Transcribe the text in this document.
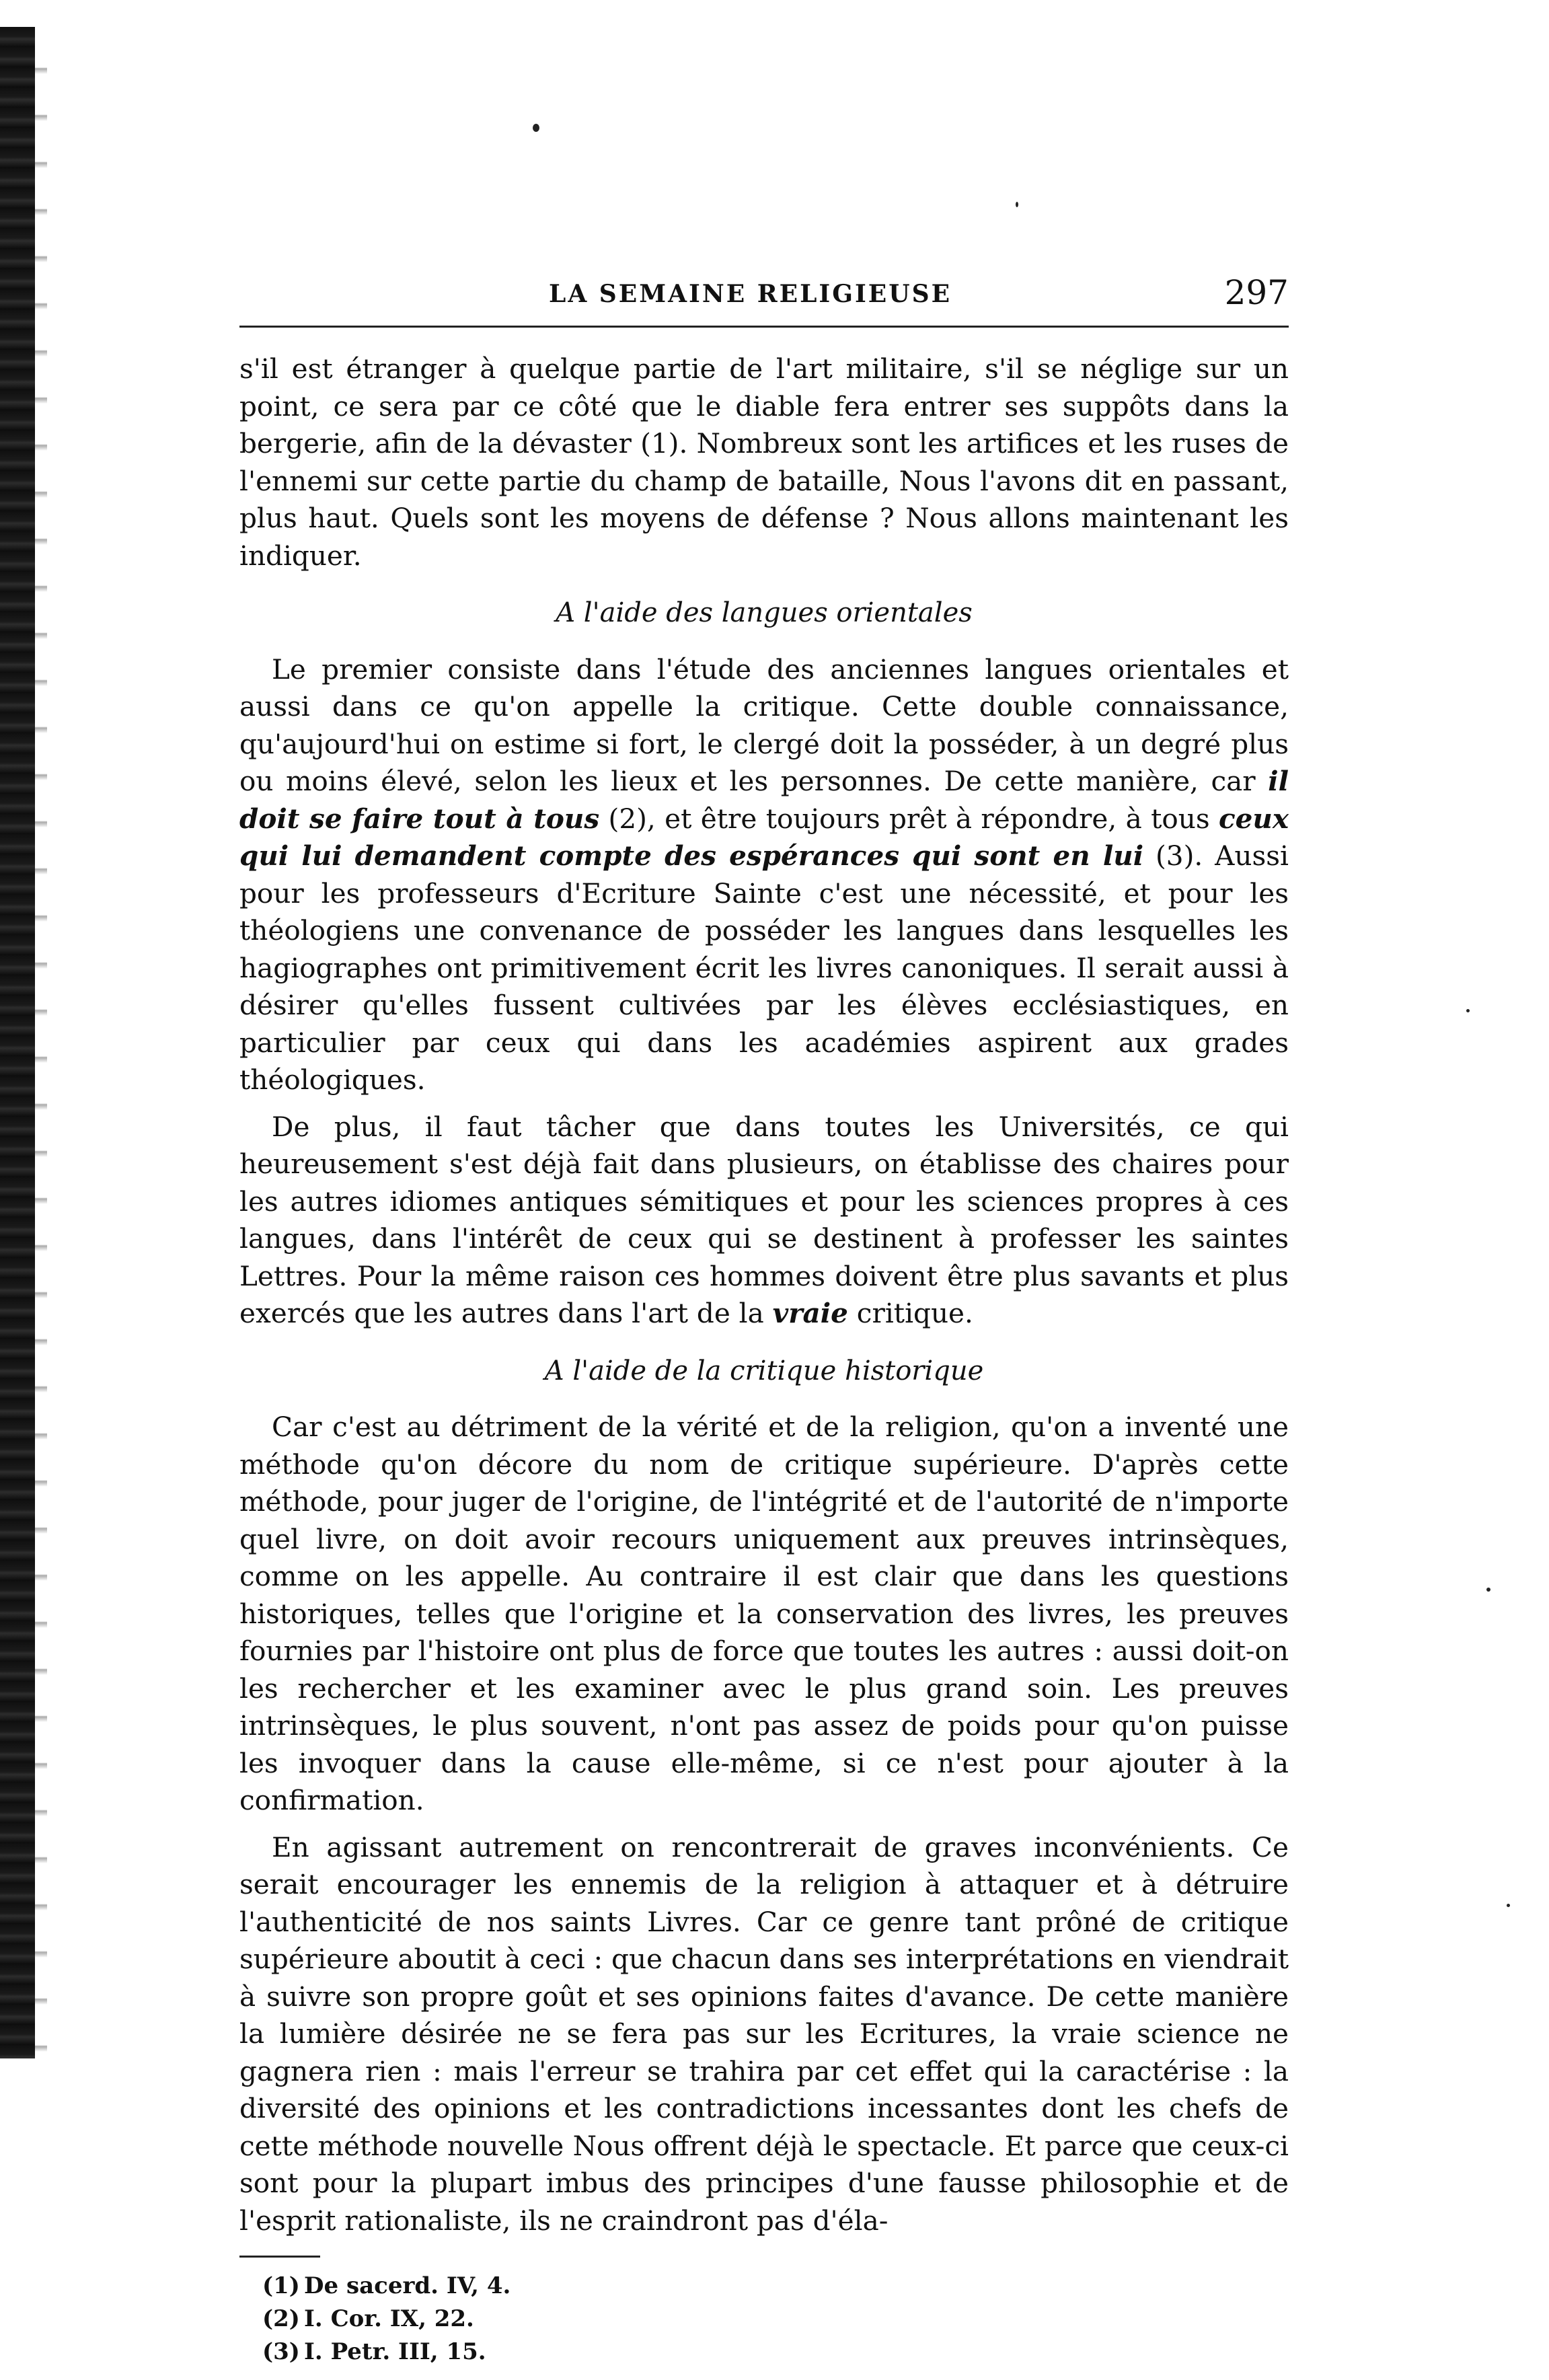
LA SEMAINE RELIGIEUSE	297

s'il est étranger à quelque partie de l'art militaire, s'il se néglige sur un point, ce sera par ce côté que le diable fera entrer ses suppôts dans la bergerie, afin de la dévaster (1). Nombreux sont les artifices et les ruses de l'ennemi sur cette partie du champ de bataille, Nous l'avons dit en passant, plus haut. Quels sont les moyens de défense ? Nous allons maintenant les indiquer.

A l'aide des langues orientales

Le premier consiste dans l'étude des anciennes langues orientales et aussi dans ce qu'on appelle la critique. Cette double connaissance, qu'aujourd'hui on estime si fort, le clergé doit la posséder, à un degré plus ou moins élevé, selon les lieux et les personnes. De cette manière, car il doit se faire tout à tous (2), et être toujours prêt à répondre, à tous ceux qui lui demandent compte des espérances qui sont en lui (3). Aussi pour les professeurs d'Ecriture Sainte c'est une nécessité, et pour les théologiens une convenance de posséder les langues dans lesquelles les hagiographes ont primitivement écrit les livres canoniques. Il serait aussi à désirer qu'elles fussent cultivées par les élèves ecclésiastiques, en particulier par ceux qui dans les académies aspirent aux grades théologiques.

De plus, il faut tâcher que dans toutes les Universités, ce qui heureusement s'est déjà fait dans plusieurs, on établisse des chaires pour les autres idiomes antiques sémitiques et pour les sciences propres à ces langues, dans l'intérêt de ceux qui se destinent à professer les saintes Lettres. Pour la même raison ces hommes doivent être plus savants et plus exercés que les autres dans l'art de la vraie critique.

A l'aide de la critique historique

Car c'est au détriment de la vérité et de la religion, qu'on a inventé une méthode qu'on décore du nom de critique supérieure. D'après cette méthode, pour juger de l'origine, de l'intégrité et de l'autorité de n'importe quel livre, on doit avoir recours uniquement aux preuves intrinsèques, comme on les appelle. Au contraire il est clair que dans les questions historiques, telles que l'origine et la conservation des livres, les preuves fournies par l'histoire ont plus de force que toutes les autres : aussi doit-on les rechercher et les examiner avec le plus grand soin. Les preuves intrinsèques, le plus souvent, n'ont pas assez de poids pour qu'on puisse les invoquer dans la cause elle-même, si ce n'est pour ajouter à la confirmation.

En agissant autrement on rencontrerait de graves inconvénients. Ce serait encourager les ennemis de la religion à attaquer et à détruire l'authenticité de nos saints Livres. Car ce genre tant prôné de critique supérieure aboutit à ceci : que chacun dans ses interprétations en viendrait à suivre son propre goût et ses opinions faites d'avance. De cette manière la lumière désirée ne se fera pas sur les Ecritures, la vraie science ne gagnera rien : mais l'erreur se trahira par cet effet qui la caractérise : la diversité des opinions et les contradictions incessantes dont les chefs de cette méthode nouvelle Nous offrent déjà le spectacle. Et parce que ceux-ci sont pour la plupart imbus des principes d'une fausse philosophie et de l'esprit rationaliste, ils ne craindront pas d'éla-

(1) De sacerd. IV, 4.
(2) I. Cor. IX, 22.
(3) I. Petr. III, 15.
